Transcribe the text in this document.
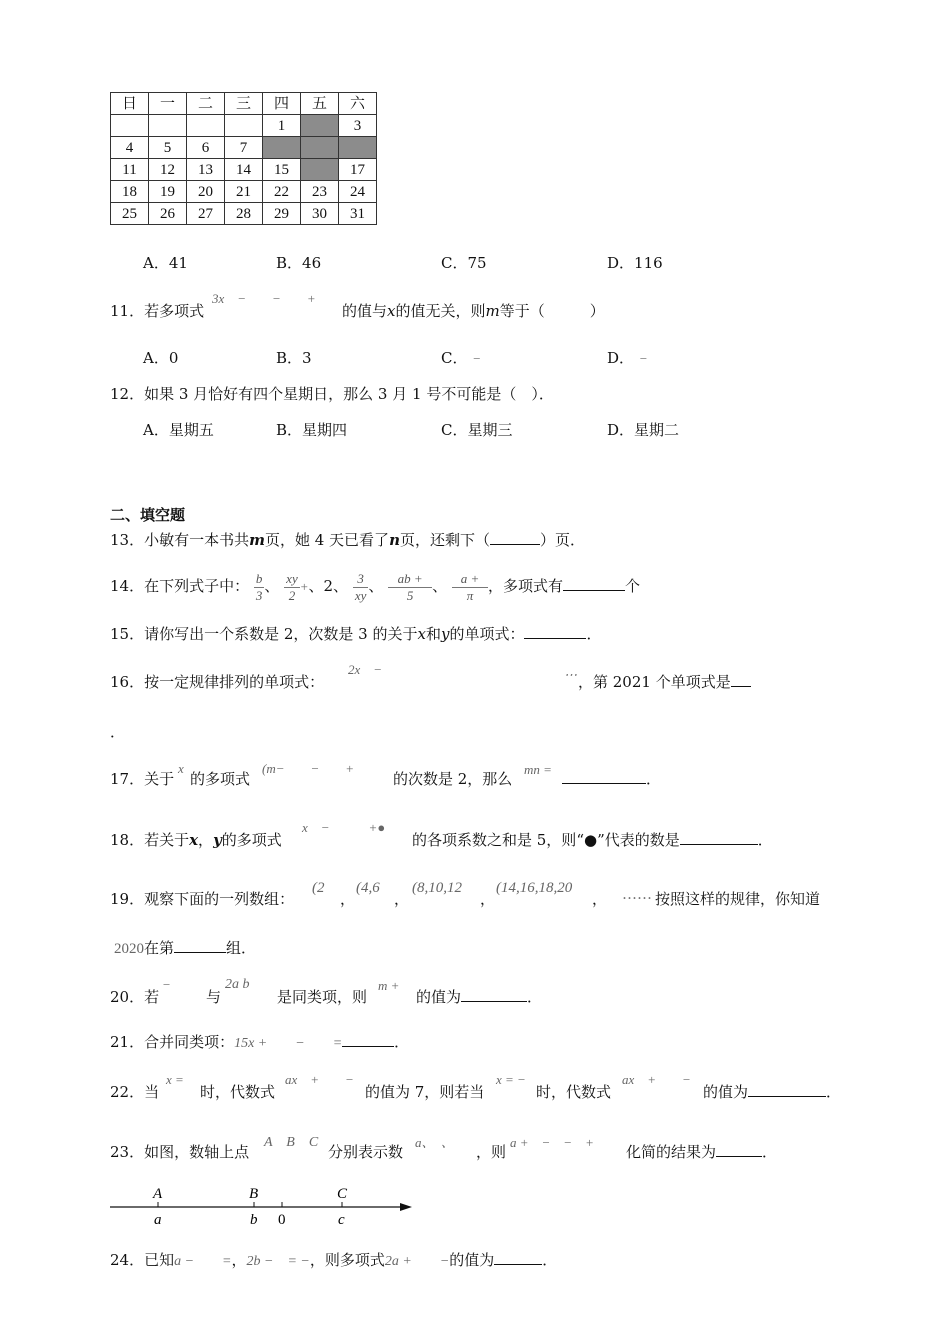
日	一	二	三	四	五	六
				1		3
4	5	6	7			
11	12	13	14	15		17
18	19	20	21	22	23	24
25	26	27	28	29	30	31
A．41	B．46	C．75	D．116
11．若多项式
3x　−　　−　　+
的值与x的值无关，则m等于（　　　）
A．0	B．3	C． −	D． −
12．如果 3 月恰好有四个星期日，那么 3 月 1 号不可能是（　）．
A．星期五	B．星期四	C．星期三	D．星期二
二、填空题
13．小敏有一本书共m页，她 4 天已看了n页，还剩下（	）页．
14．在下列式子中： $\frac{b}{3}$ 、 $\frac{xy}{2}$ +、2、 $\frac{3}{xy}$ 、 $\frac{ab +}{5}$ 、 $\frac{a +}{\pi}$ ，多项式有	个
15．请你写出一个系数是 2，次数是 3 的关于x和y的单项式：	．
16．按一定规律排列的单项式：
2x　−	⋯ ，第 2021 个单项式是
．
17．关于
x
的多项式
(m−　　−　　+
的次数是 2，那么
mn =
．
18．若关于x，y的多项式
x　−　　　+●
的各项系数之和是 5，则“●”代表的数是	．
19．观察下面的一列数组：
(2
，
(4,6
，
(8,10,12
，
(14,16,18,20
， …… 按照这样的规律，你知道
2020在第	组．
20．若
−
与
2a b
是同类项，则
m +
的值为	．
21．合并同类项：15x +　　−　　=	．
22．当
x =
时，代数式
ax　+　　−
的值为 7，则若当
x = −
时，代数式
ax　+　　−
的值为	．
23．如图，数轴上点
A　B　C
分别表示数
a、　、
，则
a +　−　−　+
化简的结果为	．
A	B	C
a	b 0	c
24．已知a −　　=，2b −　= −，则多项式2a +　　−的值为	．
